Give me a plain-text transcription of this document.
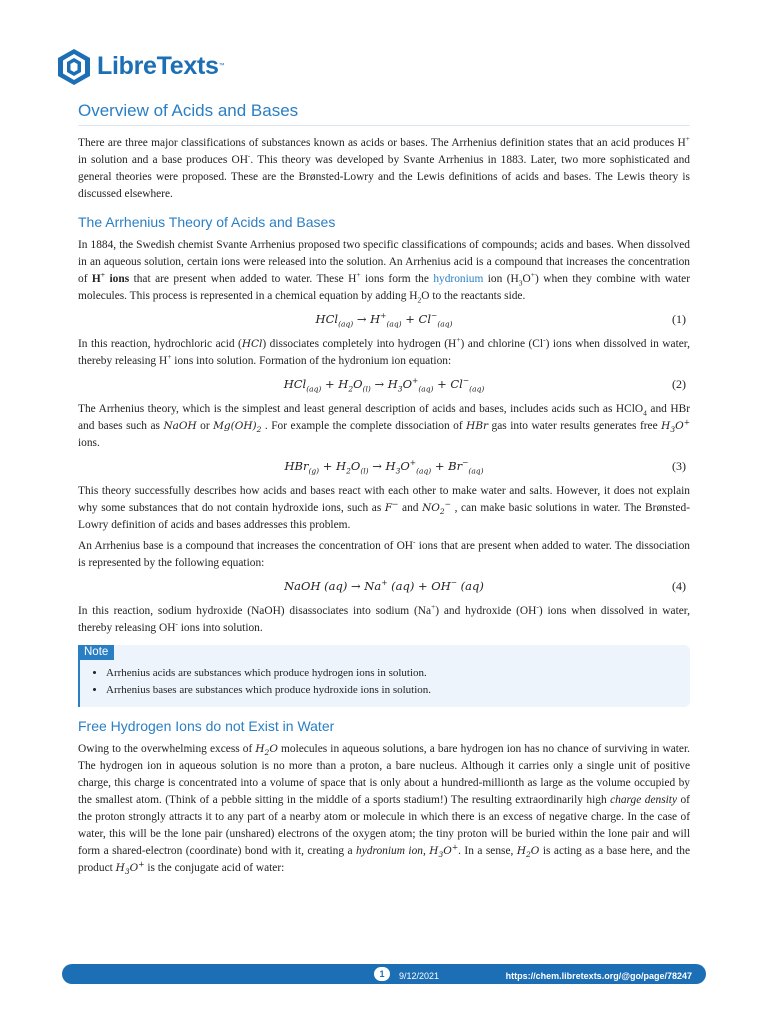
LibreTexts™
Overview of Acids and Bases

There are three major classifications of substances known as acids or bases. The Arrhenius definition states that an acid produces H+ in solution and a base produces OH-. This theory was developed by Svante Arrhenius in 1883. Later, two more sophisticated and general theories were proposed. These are the Brønsted-Lowry and the Lewis definitions of acids and bases. The Lewis theory is discussed elsewhere.

The Arrhenius Theory of Acids and Bases

In 1884, the Swedish chemist Svante Arrhenius proposed two specific classifications of compounds; acids and bases. When dissolved in an aqueous solution, certain ions were released into the solution. An Arrhenius acid is a compound that increases the concentration of H+ ions that are present when added to water. These H+ ions form the hydronium ion $(H_3O^+)$ when they combine with water molecules. This process is represented in a chemical equation by adding $H_2O$ to the reactants side.

$HCl_{(aq)} \to H^+_{(aq)} + Cl^-_{(aq)}$	(1)

In this reaction, hydrochloric acid (HCl) dissociates completely into hydrogen (H+) and chlorine (Cl-) ions when dissolved in water, thereby releasing H+ ions into solution. Formation of the hydronium ion equation:

$HCl_{(aq)} + H_2O_{(l)} \to H_3O^+_{(aq)} + Cl^-_{(aq)}$	(2)

The Arrhenius theory, which is the simplest and least general description of acids and bases, includes acids such as HClO$_4$ and HBr and bases such as NaOH or $Mg(OH)_2$ . For example the complete dissociation of HBr gas into water results generates free $H_3O^+$ ions.

$HBr_{(g)} + H_2O_{(l)} \to H_3O^+_{(aq)} + Br^-_{(aq)}$	(3)

This theory successfully describes how acids and bases react with each other to make water and salts. However, it does not explain why some substances that do not contain hydroxide ions, such as F− and $NO_2^-$ , can make basic solutions in water. The Brønsted-Lowry definition of acids and bases addresses this problem.

An Arrhenius base is a compound that increases the concentration of OH- ions that are present when added to water. The dissociation is represented by the following equation:

NaOH (aq) → Na+ (aq) + OH− (aq)	(4)

In this reaction, sodium hydroxide (NaOH) disassociates into sodium (Na+) and hydroxide (OH-) ions when dissolved in water, thereby releasing OH- ions into solution.

Note
• Arrhenius acids are substances which produce hydrogen ions in solution.
• Arrhenius bases are substances which produce hydroxide ions in solution.
Free Hydrogen Ions do not Exist in Water

Owing to the overwhelming excess of $H_2O$ molecules in aqueous solutions, a bare hydrogen ion has no chance of surviving in water. The hydrogen ion in aqueous solution is no more than a proton, a bare nucleus. Although it carries only a single unit of positive charge, this charge is concentrated into a volume of space that is only about a hundred-millionth as large as the volume occupied by the smallest atom. (Think of a pebble sitting in the middle of a sports stadium!) The resulting extraordinarily high charge density of the proton strongly attracts it to any part of a nearby atom or molecule in which there is an excess of negative charge. In the case of water, this will be the lone pair (unshared) electrons of the oxygen atom; the tiny proton will be buried within the lone pair and will form a shared-electron (coordinate) bond with it, creating a hydronium ion, $H_3O^+$. In a sense, $H_2O$ is acting as a base here, and the product $H_3O^+$ is the conjugate acid of water:

1	9/12/2021	https://chem.libretexts.org/@go/page/78247
